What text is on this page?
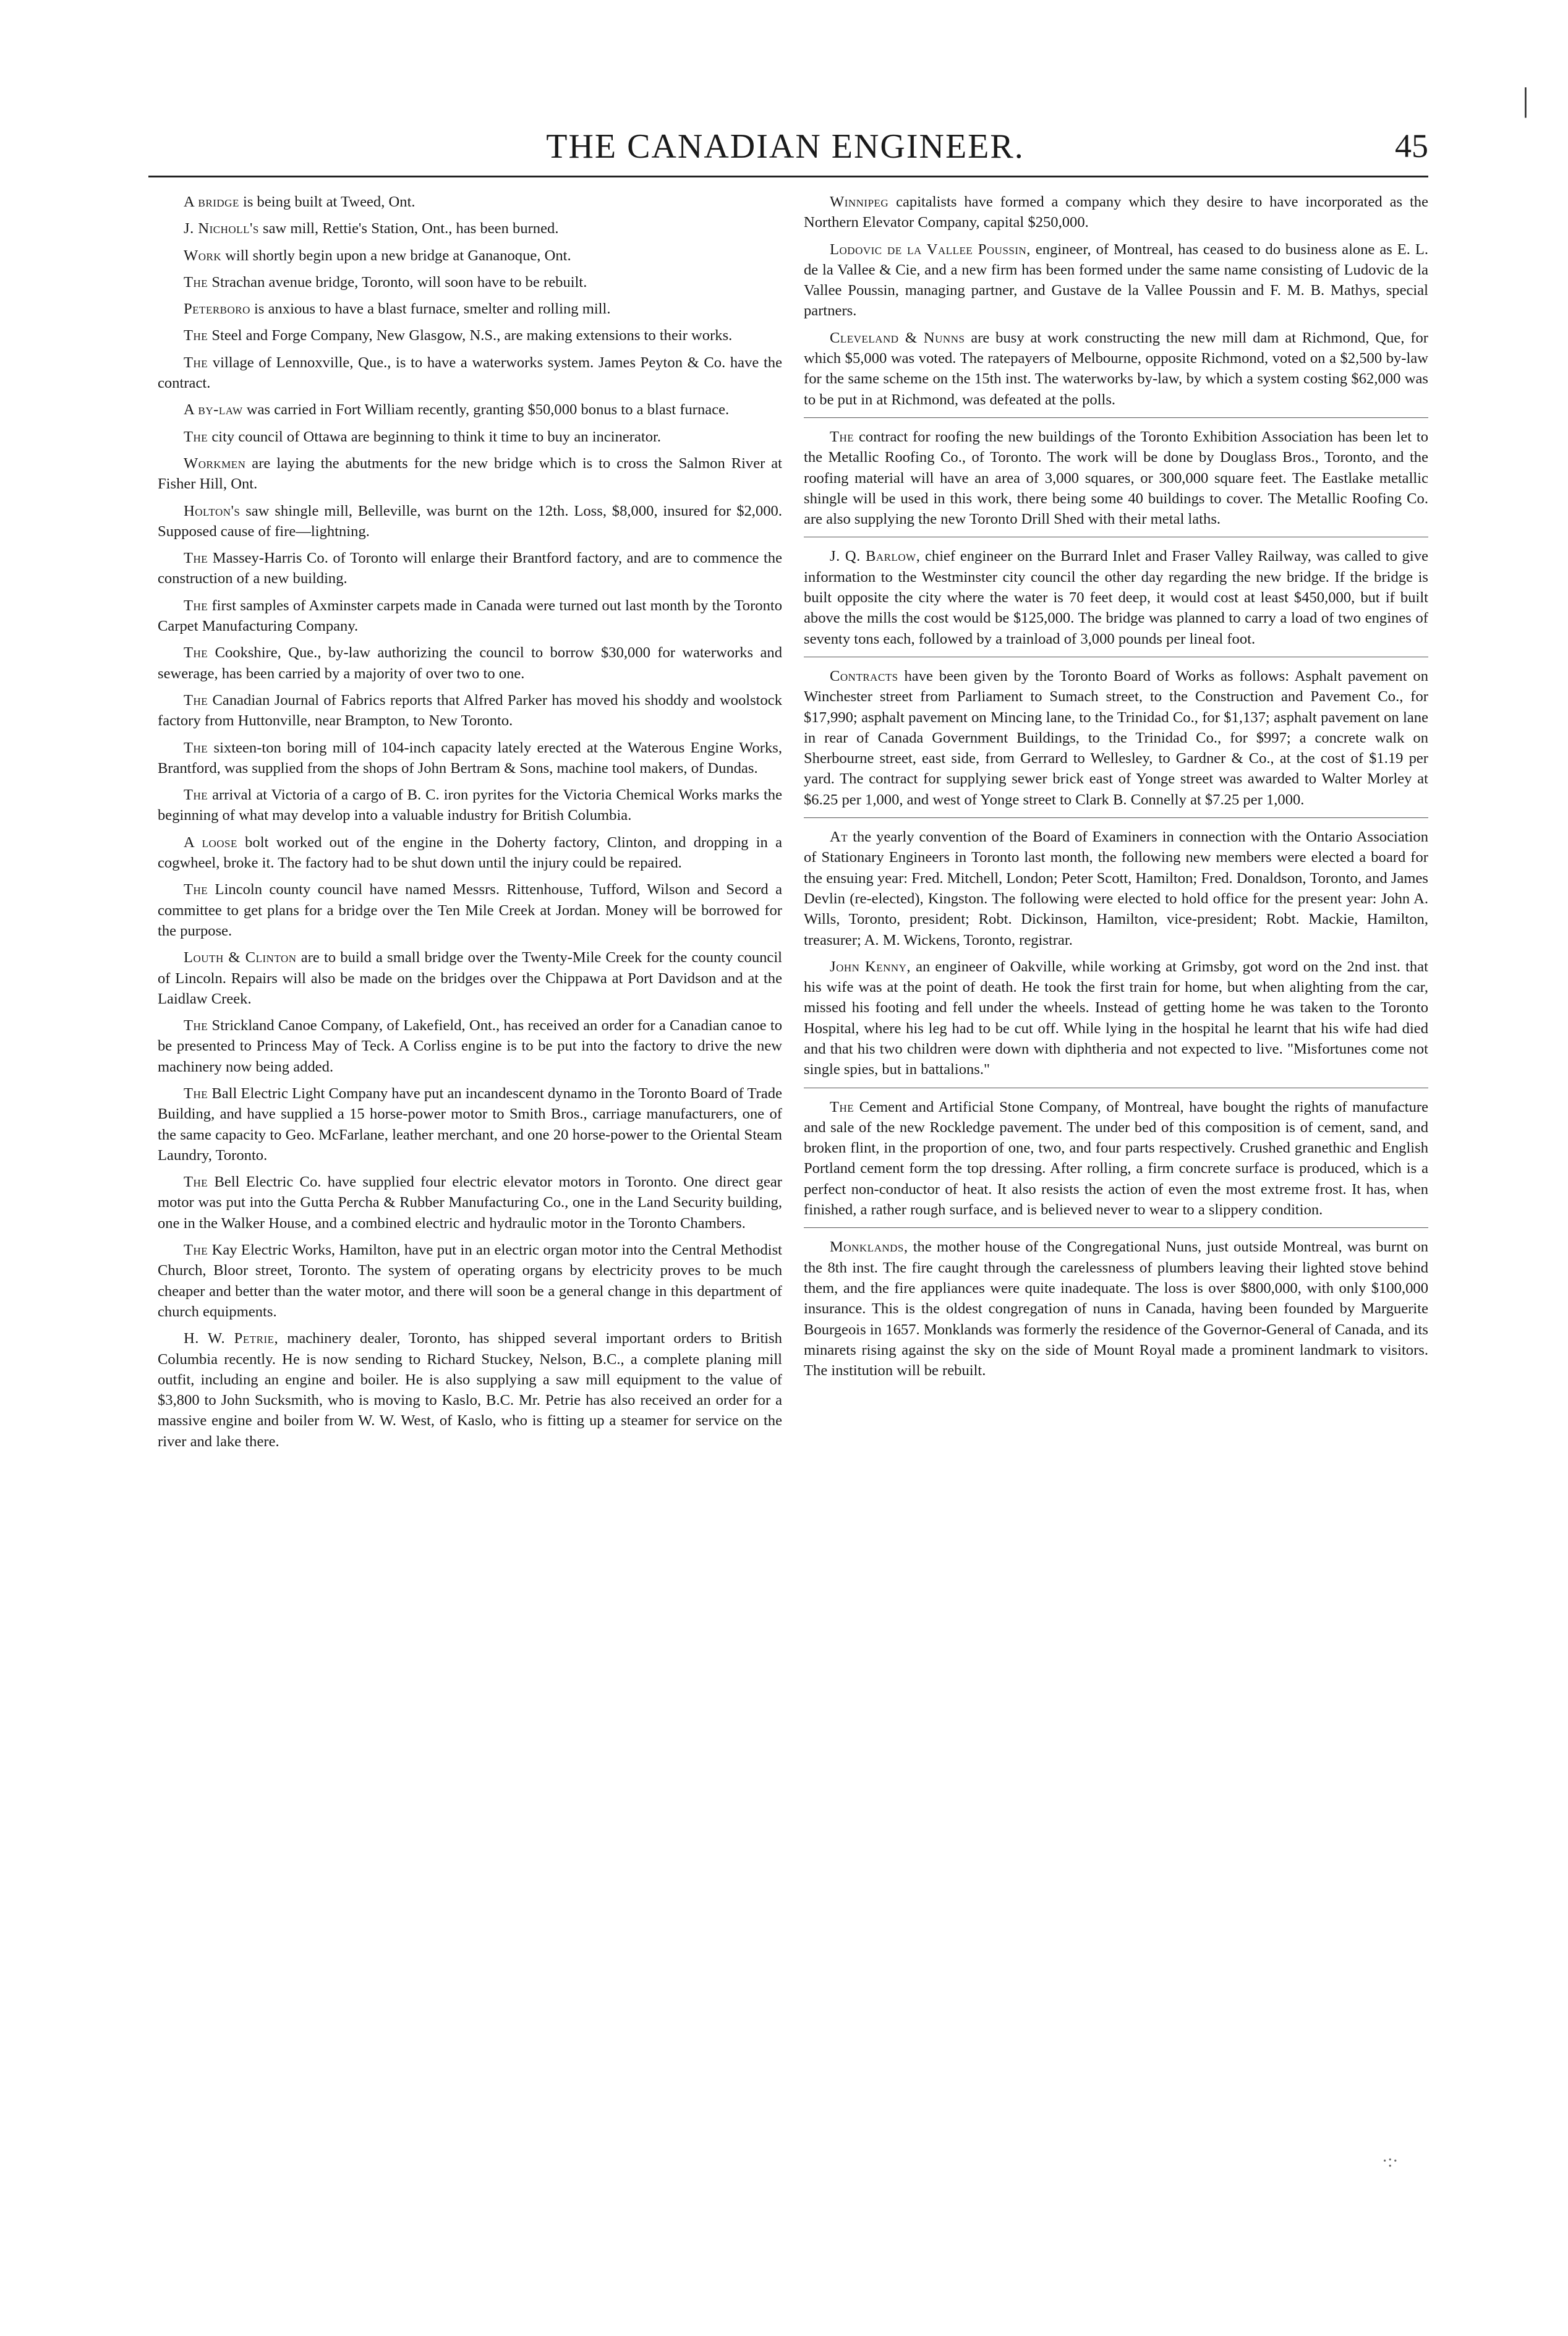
THE CANADIAN ENGINEER.	45
|

A bridge is being built at Tweed, Ont.

J. Nicholl's saw mill, Rettie's Station, Ont., has been burned.

Work will shortly begin upon a new bridge at Gananoque, Ont.

The Strachan avenue bridge, Toronto, will soon have to be rebuilt.

Peterboro is anxious to have a blast furnace, smelter and rolling mill.

The Steel and Forge Company, New Glasgow, N.S., are making extensions to their works.

The village of Lennoxville, Que., is to have a waterworks system. James Peyton & Co. have the contract.

A by-law was carried in Fort William recently, granting $50,000 bonus to a blast furnace.

The city council of Ottawa are beginning to think it time to buy an incinerator.

Workmen are laying the abutments for the new bridge which is to cross the Salmon River at Fisher Hill, Ont.

Holton's saw shingle mill, Belleville, was burnt on the 12th. Loss, $8,000, insured for $2,000. Supposed cause of fire—lightning.

The Massey-Harris Co. of Toronto will enlarge their Brantford factory, and are to commence the construction of a new building.

The first samples of Axminster carpets made in Canada were turned out last month by the Toronto Carpet Manufacturing Company.

The Cookshire, Que., by-law authorizing the council to borrow $30,000 for waterworks and sewerage, has been carried by a majority of over two to one.

The Canadian Journal of Fabrics reports that Alfred Parker has moved his shoddy and woolstock factory from Huttonville, near Brampton, to New Toronto.

The sixteen-ton boring mill of 104-inch capacity lately erected at the Waterous Engine Works, Brantford, was supplied from the shops of John Bertram & Sons, machine tool makers, of Dundas.

The arrival at Victoria of a cargo of B. C. iron pyrites for the Victoria Chemical Works marks the beginning of what may develop into a valuable industry for British Columbia.

A loose bolt worked out of the engine in the Doherty factory, Clinton, and dropping in a cogwheel, broke it. The factory had to be shut down until the injury could be repaired.

The Lincoln county council have named Messrs. Rittenhouse, Tufford, Wilson and Secord a committee to get plans for a bridge over the Ten Mile Creek at Jordan. Money will be borrowed for the purpose.

Louth & Clinton are to build a small bridge over the Twenty-Mile Creek for the county council of Lincoln. Repairs will also be made on the bridges over the Chippawa at Port Davidson and at the Laidlaw Creek.

The Strickland Canoe Company, of Lakefield, Ont., has received an order for a Canadian canoe to be presented to Princess May of Teck. A Corliss engine is to be put into the factory to drive the new machinery now being added.

The Ball Electric Light Company have put an incandescent dynamo in the Toronto Board of Trade Building, and have supplied a 15 horse-power motor to Smith Bros., carriage manufacturers, one of the same capacity to Geo. McFarlane, leather merchant, and one 20 horse-power to the Oriental Steam Laundry, Toronto.

The Bell Electric Co. have supplied four electric elevator motors in Toronto. One direct gear motor was put into the Gutta Percha & Rubber Manufacturing Co., one in the Land Security building, one in the Walker House, and a combined electric and hydraulic motor in the Toronto Chambers.

The Kay Electric Works, Hamilton, have put in an electric organ motor into the Central Methodist Church, Bloor street, Toronto. The system of operating organs by electricity proves to be much cheaper and better than the water motor, and there will soon be a general change in this department of church equipments.

H. W. Petrie, machinery dealer, Toronto, has shipped several important orders to British Columbia recently. He is now sending to Richard Stuckey, Nelson, B.C., a complete planing mill outfit, including an engine and boiler. He is also supplying a saw mill equipment to the value of $3,800 to John Sucksmith, who is moving to Kaslo, B.C. Mr. Petrie has also received an order for a massive engine and boiler from W. W. West, of Kaslo, who is fitting up a steamer for service on the river and lake there.

Winnipeg capitalists have formed a company which they desire to have incorporated as the Northern Elevator Company, capital $250,000.

Lodovic de la Vallee Poussin, engineer, of Montreal, has ceased to do business alone as E. L. de la Vallee & Cie, and a new firm has been formed under the same name consisting of Ludovic de la Vallee Poussin, managing partner, and Gustave de la Vallee Poussin and F. M. B. Mathys, special partners.

Cleveland & Nunns are busy at work constructing the new mill dam at Richmond, Que, for which $5,000 was voted. The ratepayers of Melbourne, opposite Richmond, voted on a $2,500 by-law for the same scheme on the 15th inst. The waterworks by-law, by which a system costing $62,000 was to be put in at Richmond, was defeated at the polls.

The contract for roofing the new buildings of the Toronto Exhibition Association has been let to the Metallic Roofing Co., of Toronto. The work will be done by Douglass Bros., Toronto, and the roofing material will have an area of 3,000 squares, or 300,000 square feet. The Eastlake metallic shingle will be used in this work, there being some 40 buildings to cover. The Metallic Roofing Co. are also supplying the new Toronto Drill Shed with their metal laths.

J. Q. Barlow, chief engineer on the Burrard Inlet and Fraser Valley Railway, was called to give information to the Westminster city council the other day regarding the new bridge. If the bridge is built opposite the city where the water is 70 feet deep, it would cost at least $450,000, but if built above the mills the cost would be $125,000. The bridge was planned to carry a load of two engines of seventy tons each, followed by a trainload of 3,000 pounds per lineal foot.

Contracts have been given by the Toronto Board of Works as follows: Asphalt pavement on Winchester street from Parliament to Sumach street, to the Construction and Pavement Co., for $17,990; asphalt pavement on Mincing lane, to the Trinidad Co., for $1,137; asphalt pavement on lane in rear of Canada Government Buildings, to the Trinidad Co., for $997; a concrete walk on Sherbourne street, east side, from Gerrard to Wellesley, to Gardner & Co., at the cost of $1.19 per yard. The contract for supplying sewer brick east of Yonge street was awarded to Walter Morley at $6.25 per 1,000, and west of Yonge street to Clark B. Connelly at $7.25 per 1,000.

At the yearly convention of the Board of Examiners in connection with the Ontario Association of Stationary Engineers in Toronto last month, the following new members were elected a board for the ensuing year: Fred. Mitchell, London; Peter Scott, Hamilton; Fred. Donaldson, Toronto, and James Devlin (re-elected), Kingston. The following were elected to hold office for the present year: John A. Wills, Toronto, president; Robt. Dickinson, Hamilton, vice-president; Robt. Mackie, Hamilton, treasurer; A. M. Wickens, Toronto, registrar.

John Kenny, an engineer of Oakville, while working at Grimsby, got word on the 2nd inst. that his wife was at the point of death. He took the first train for home, but when alighting from the car, missed his footing and fell under the wheels. Instead of getting home he was taken to the Toronto Hospital, where his leg had to be cut off. While lying in the hospital he learnt that his wife had died and that his two children were down with diphtheria and not expected to live. "Misfortunes come not single spies, but in battalions."

The Cement and Artificial Stone Company, of Montreal, have bought the rights of manufacture and sale of the new Rockledge pavement. The under bed of this composition is of cement, sand, and broken flint, in the proportion of one, two, and four parts respectively. Crushed granethic and English Portland cement form the top dressing. After rolling, a firm concrete surface is produced, which is a perfect non-conductor of heat. It also resists the action of even the most extreme frost. It has, when finished, a rather rough surface, and is believed never to wear to a slippery condition.

Monklands, the mother house of the Congregational Nuns, just outside Montreal, was burnt on the 8th inst. The fire caught through the carelessness of plumbers leaving their lighted stove behind them, and the fire appliances were quite inadequate. The loss is over $800,000, with only $100,000 insurance. This is the oldest congregation of nuns in Canada, having been founded by Marguerite Bourgeois in 1657. Monklands was formerly the residence of the Governor-General of Canada, and its minarets rising against the sky on the side of Mount Royal made a prominent landmark to visitors. The institution will be rebuilt.

·:·
